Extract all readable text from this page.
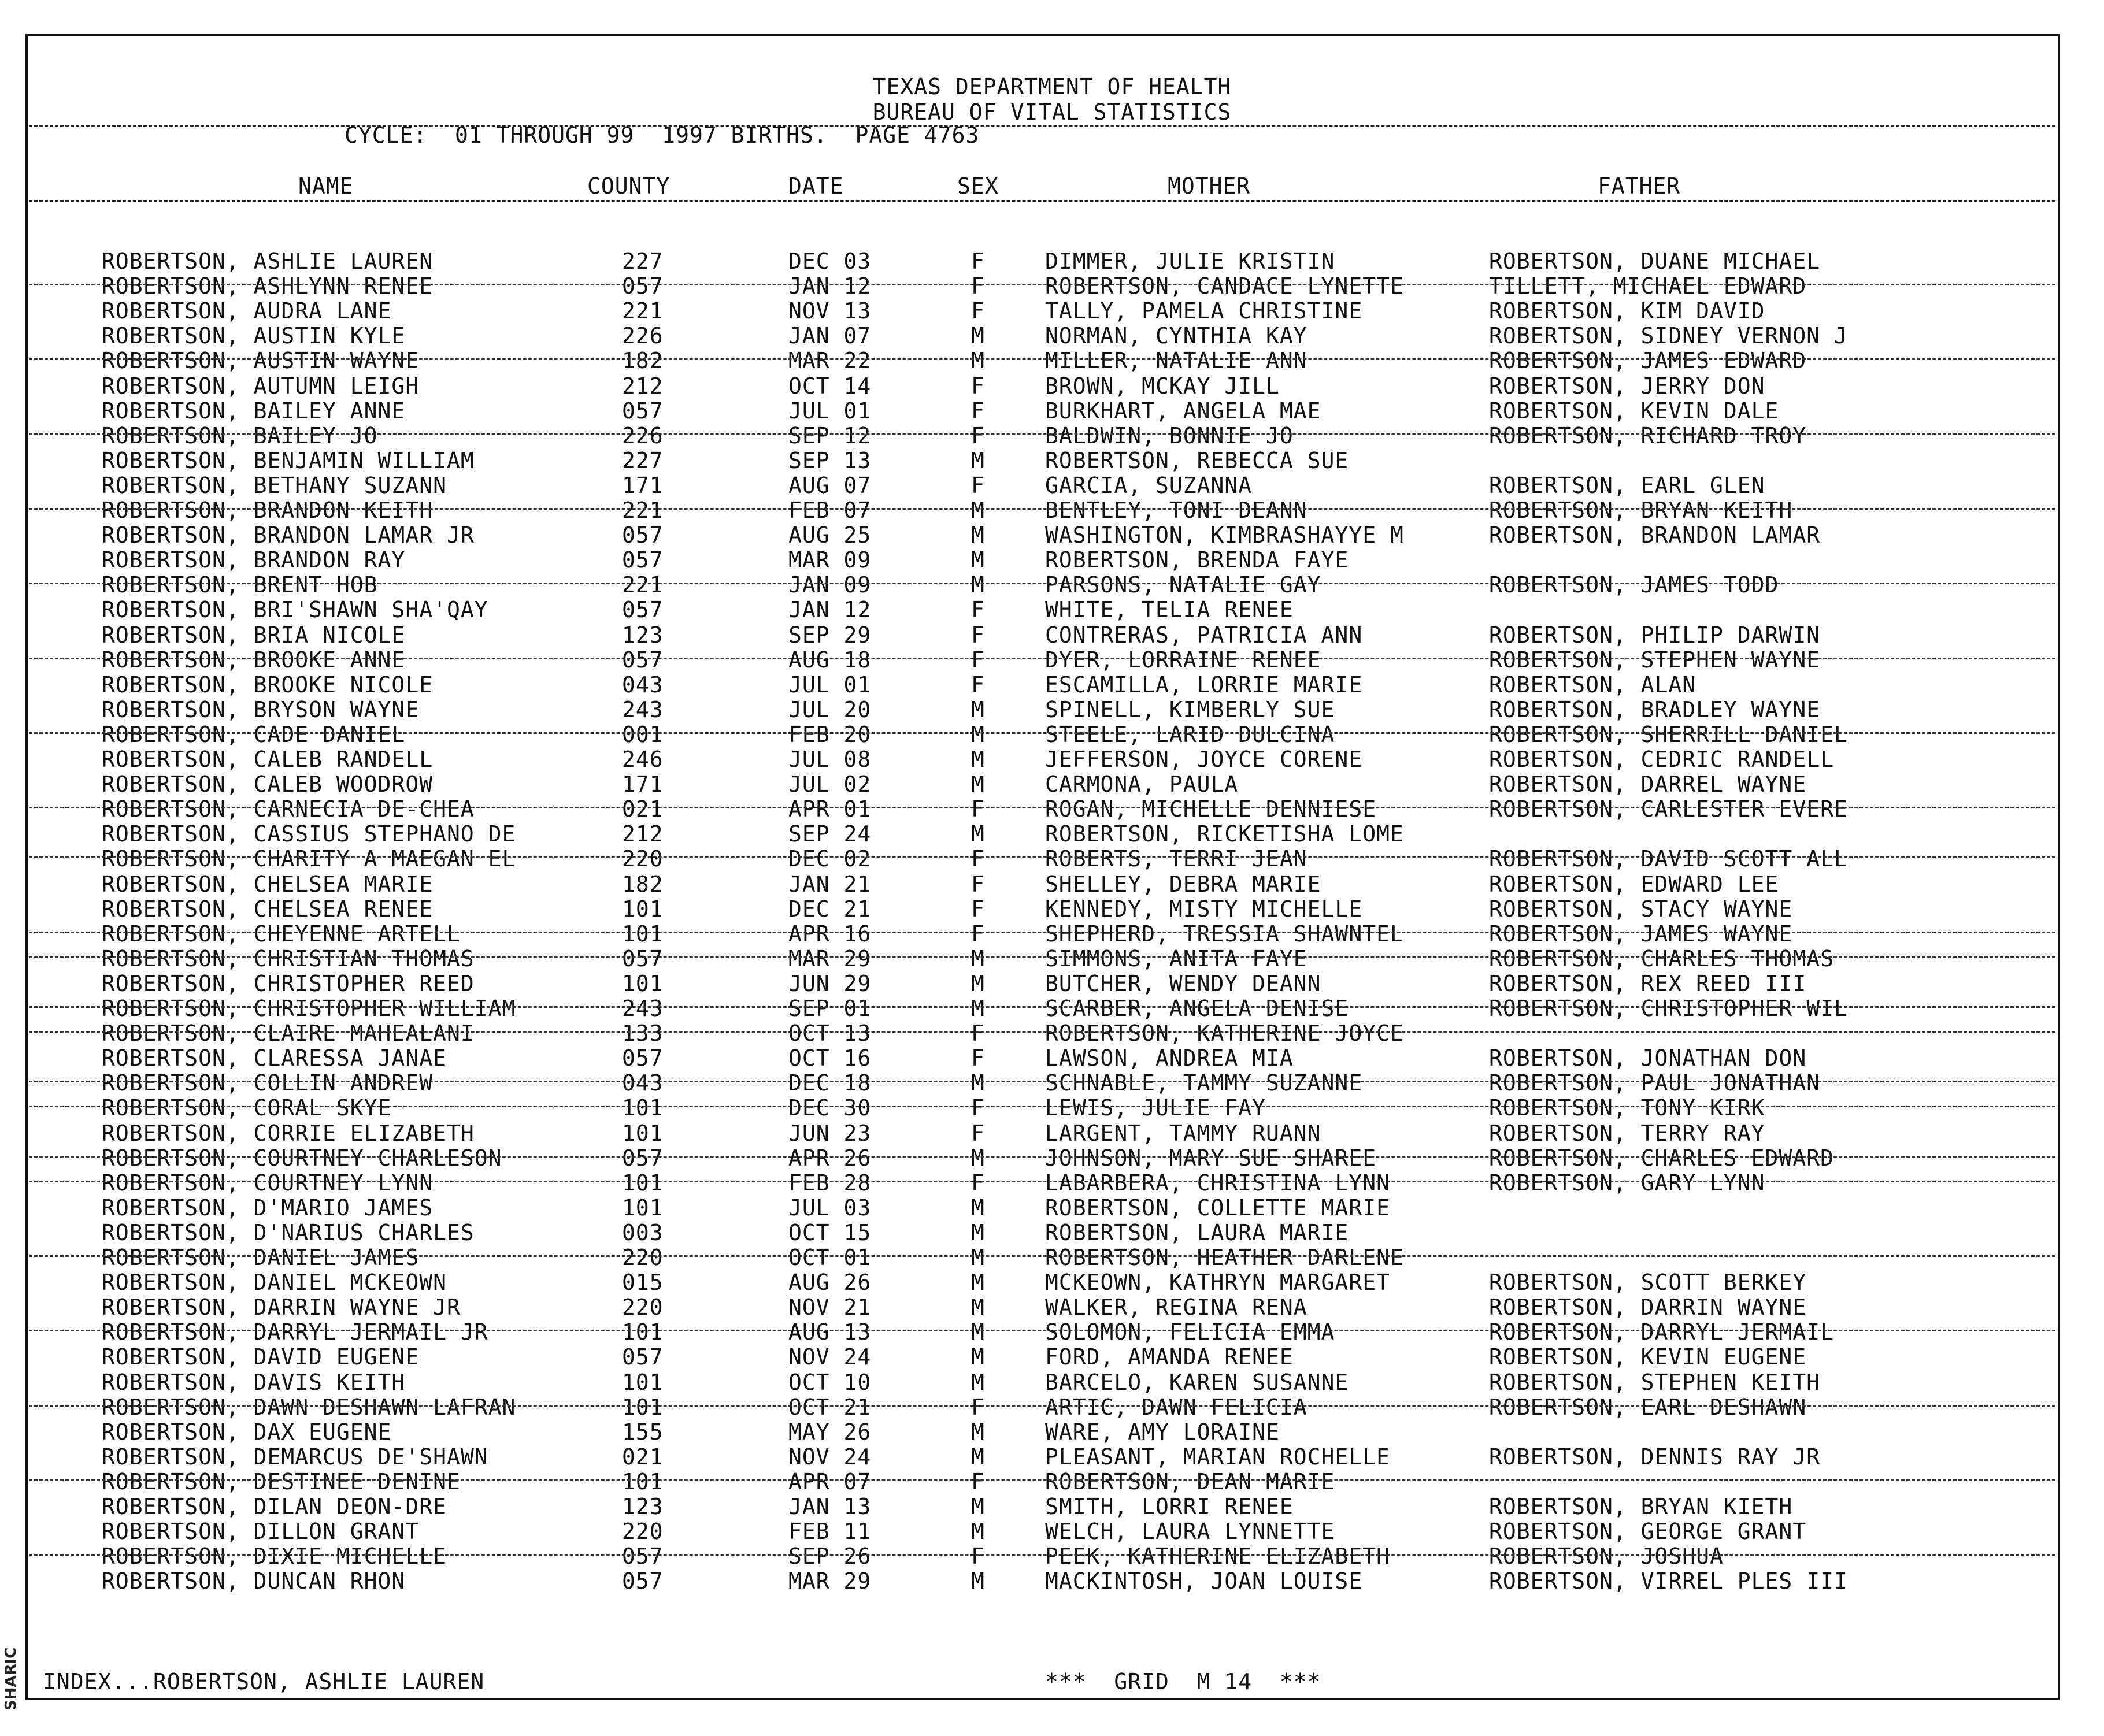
SHARIC
TEXAS DEPARTMENT OF HEALTH
BUREAU OF VITAL STATISTICS
CYCLE:  01 THROUGH 99  1997 BIRTHS.  PAGE 4763
NAME	COUNTY	DATE	SEX	MOTHER	FATHER
ROBERTSON, ASHLIE LAUREN	227	DEC 03	F	DIMMER, JULIE KRISTIN	ROBERTSON, DUANE MICHAEL
ROBERTSON, ASHLYNN RENEE	057	JAN 12	F	ROBERTSON, CANDACE LYNETTE	TILLETT, MICHAEL EDWARD
ROBERTSON, AUDRA LANE	221	NOV 13	F	TALLY, PAMELA CHRISTINE	ROBERTSON, KIM DAVID
ROBERTSON, AUSTIN KYLE	226	JAN 07	M	NORMAN, CYNTHIA KAY	ROBERTSON, SIDNEY VERNON J
ROBERTSON, AUSTIN WAYNE	182	MAR 22	M	MILLER, NATALIE ANN	ROBERTSON, JAMES EDWARD
ROBERTSON, AUTUMN LEIGH	212	OCT 14	F	BROWN, MCKAY JILL	ROBERTSON, JERRY DON
ROBERTSON, BAILEY ANNE	057	JUL 01	F	BURKHART, ANGELA MAE	ROBERTSON, KEVIN DALE
ROBERTSON, BAILEY JO	226	SEP 12	F	BALDWIN, BONNIE JO	ROBERTSON, RICHARD TROY
ROBERTSON, BENJAMIN WILLIAM	227	SEP 13	M	ROBERTSON, REBECCA SUE
ROBERTSON, BETHANY SUZANN	171	AUG 07	F	GARCIA, SUZANNA	ROBERTSON, EARL GLEN
ROBERTSON, BRANDON KEITH	221	FEB 07	M	BENTLEY, TONI DEANN	ROBERTSON, BRYAN KEITH
ROBERTSON, BRANDON LAMAR JR	057	AUG 25	M	WASHINGTON, KIMBRASHAYYE M	ROBERTSON, BRANDON LAMAR
ROBERTSON, BRANDON RAY	057	MAR 09	M	ROBERTSON, BRENDA FAYE
ROBERTSON, BRENT HOB	221	JAN 09	M	PARSONS, NATALIE GAY	ROBERTSON, JAMES TODD
ROBERTSON, BRI'SHAWN SHA'QAY	057	JAN 12	F	WHITE, TELIA RENEE
ROBERTSON, BRIA NICOLE	123	SEP 29	F	CONTRERAS, PATRICIA ANN	ROBERTSON, PHILIP DARWIN
ROBERTSON, BROOKE ANNE	057	AUG 18	F	DYER, LORRAINE RENEE	ROBERTSON, STEPHEN WAYNE
ROBERTSON, BROOKE NICOLE	043	JUL 01	F	ESCAMILLA, LORRIE MARIE	ROBERTSON, ALAN
ROBERTSON, BRYSON WAYNE	243	JUL 20	M	SPINELL, KIMBERLY SUE	ROBERTSON, BRADLEY WAYNE
ROBERTSON, CADE DANIEL	001	FEB 20	M	STEELE, LARID DULCINA	ROBERTSON, SHERRILL DANIEL
ROBERTSON, CALEB RANDELL	246	JUL 08	M	JEFFERSON, JOYCE CORENE	ROBERTSON, CEDRIC RANDELL
ROBERTSON, CALEB WOODROW	171	JUL 02	M	CARMONA, PAULA	ROBERTSON, DARREL WAYNE
ROBERTSON, CARNECIA DE-CHEA	021	APR 01	F	ROGAN, MICHELLE DENNIESE	ROBERTSON, CARLESTER EVERE
ROBERTSON, CASSIUS STEPHANO DE	212	SEP 24	M	ROBERTSON, RICKETISHA LOME
ROBERTSON, CHARITY A MAEGAN EL	220	DEC 02	F	ROBERTS, TERRI JEAN	ROBERTSON, DAVID SCOTT ALL
ROBERTSON, CHELSEA MARIE	182	JAN 21	F	SHELLEY, DEBRA MARIE	ROBERTSON, EDWARD LEE
ROBERTSON, CHELSEA RENEE	101	DEC 21	F	KENNEDY, MISTY MICHELLE	ROBERTSON, STACY WAYNE
ROBERTSON, CHEYENNE ARTELL	101	APR 16	F	SHEPHERD, TRESSIA SHAWNTEL	ROBERTSON, JAMES WAYNE
ROBERTSON, CHRISTIAN THOMAS	057	MAR 29	M	SIMMONS, ANITA FAYE	ROBERTSON, CHARLES THOMAS
ROBERTSON, CHRISTOPHER REED	101	JUN 29	M	BUTCHER, WENDY DEANN	ROBERTSON, REX REED III
ROBERTSON, CHRISTOPHER WILLIAM	243	SEP 01	M	SCARBER, ANGELA DENISE	ROBERTSON, CHRISTOPHER WIL
ROBERTSON, CLAIRE MAHEALANI	133	OCT 13	F	ROBERTSON, KATHERINE JOYCE
ROBERTSON, CLARESSA JANAE	057	OCT 16	F	LAWSON, ANDREA MIA	ROBERTSON, JONATHAN DON
ROBERTSON, COLLIN ANDREW	043	DEC 18	M	SCHNABLE, TAMMY SUZANNE	ROBERTSON, PAUL JONATHAN
ROBERTSON, CORAL SKYE	101	DEC 30	F	LEWIS, JULIE FAY	ROBERTSON, TONY KIRK
ROBERTSON, CORRIE ELIZABETH	101	JUN 23	F	LARGENT, TAMMY RUANN	ROBERTSON, TERRY RAY
ROBERTSON, COURTNEY CHARLESON	057	APR 26	M	JOHNSON, MARY SUE SHAREE	ROBERTSON, CHARLES EDWARD
ROBERTSON, COURTNEY LYNN	101	FEB 28	F	LABARBERA, CHRISTINA LYNN	ROBERTSON, GARY LYNN
ROBERTSON, D'MARIO JAMES	101	JUL 03	M	ROBERTSON, COLLETTE MARIE
ROBERTSON, D'NARIUS CHARLES	003	OCT 15	M	ROBERTSON, LAURA MARIE
ROBERTSON, DANIEL JAMES	220	OCT 01	M	ROBERTSON, HEATHER DARLENE
ROBERTSON, DANIEL MCKEOWN	015	AUG 26	M	MCKEOWN, KATHRYN MARGARET	ROBERTSON, SCOTT BERKEY
ROBERTSON, DARRIN WAYNE JR	220	NOV 21	M	WALKER, REGINA RENA	ROBERTSON, DARRIN WAYNE
ROBERTSON, DARRYL JERMAIL JR	101	AUG 13	M	SOLOMON, FELICIA EMMA	ROBERTSON, DARRYL JERMAIL
ROBERTSON, DAVID EUGENE	057	NOV 24	M	FORD, AMANDA RENEE	ROBERTSON, KEVIN EUGENE
ROBERTSON, DAVIS KEITH	101	OCT 10	M	BARCELO, KAREN SUSANNE	ROBERTSON, STEPHEN KEITH
ROBERTSON, DAWN DESHAWN LAFRAN	101	OCT 21	F	ARTIC, DAWN FELICIA	ROBERTSON, EARL DESHAWN
ROBERTSON, DAX EUGENE	155	MAY 26	M	WARE, AMY LORAINE
ROBERTSON, DEMARCUS DE'SHAWN	021	NOV 24	M	PLEASANT, MARIAN ROCHELLE	ROBERTSON, DENNIS RAY JR
ROBERTSON, DESTINEE DENINE	101	APR 07	F	ROBERTSON, DEAN MARIE
ROBERTSON, DILAN DEON-DRE	123	JAN 13	M	SMITH, LORRI RENEE	ROBERTSON, BRYAN KIETH
ROBERTSON, DILLON GRANT	220	FEB 11	M	WELCH, LAURA LYNNETTE	ROBERTSON, GEORGE GRANT
ROBERTSON, DIXIE MICHELLE	057	SEP 26	F	PEEK, KATHERINE ELIZABETH	ROBERTSON, JOSHUA
ROBERTSON, DUNCAN RHON	057	MAR 29	M	MACKINTOSH, JOAN LOUISE	ROBERTSON, VIRREL PLES III
INDEX...ROBERTSON, ASHLIE LAUREN	***  GRID  M 14  ***
